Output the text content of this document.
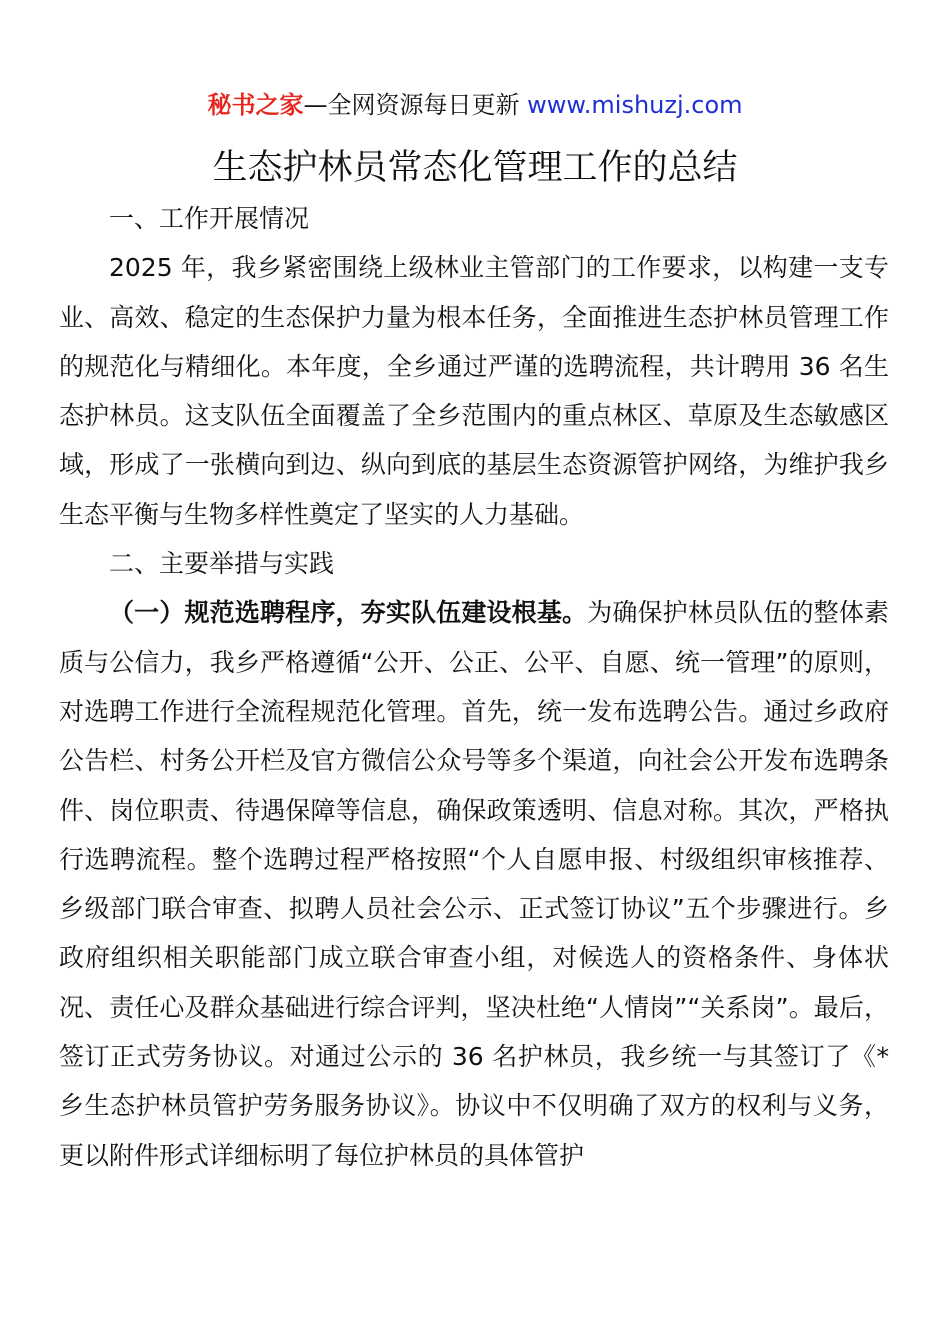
秘书之家—全网资源每日更新 www.mishuzj.com
生态护林员常态化管理工作的总结

一、工作开展情况

2025 年，我乡紧密围绕上级林业主管部门的工作要求，以构建一支专业、高效、稳定的生态保护力量为根本任务，全面推进生态护林员管理工作的规范化与精细化。本年度，全乡通过严谨的选聘流程，共计聘用 36 名生态护林员。这支队伍全面覆盖了全乡范围内的重点林区、草原及生态敏感区域，形成了一张横向到边、纵向到底的基层生态资源管护网络，为维护我乡生态平衡与生物多样性奠定了坚实的人力基础。

二、主要举措与实践

（一）规范选聘程序，夯实队伍建设根基。为确保护林员队伍的整体素质与公信力，我乡严格遵循“公开、公正、公平、自愿、统一管理”的原则，对选聘工作进行全流程规范化管理。首先，统一发布选聘公告。通过乡政府公告栏、村务公开栏及官方微信公众号等多个渠道，向社会公开发布选聘条件、岗位职责、待遇保障等信息，确保政策透明、信息对称。其次，严格执行选聘流程。整个选聘过程严格按照“个人自愿申报、村级组织审核推荐、乡级部门联合审查、拟聘人员社会公示、正式签订协议”五个步骤进行。乡政府组织相关职能部门成立联合审查小组，对候选人的资格条件、身体状况、责任心及群众基础进行综合评判，坚决杜绝“人情岗”“关系岗”。最后，签订正式劳务协议。对通过公示的 36 名护林员，我乡统一与其签订了《*乡生态护林员管护劳务服务协议》。协议中不仅明确了双方的权利与义务，更以附件形式详细标明了每位护林员的具体管护
